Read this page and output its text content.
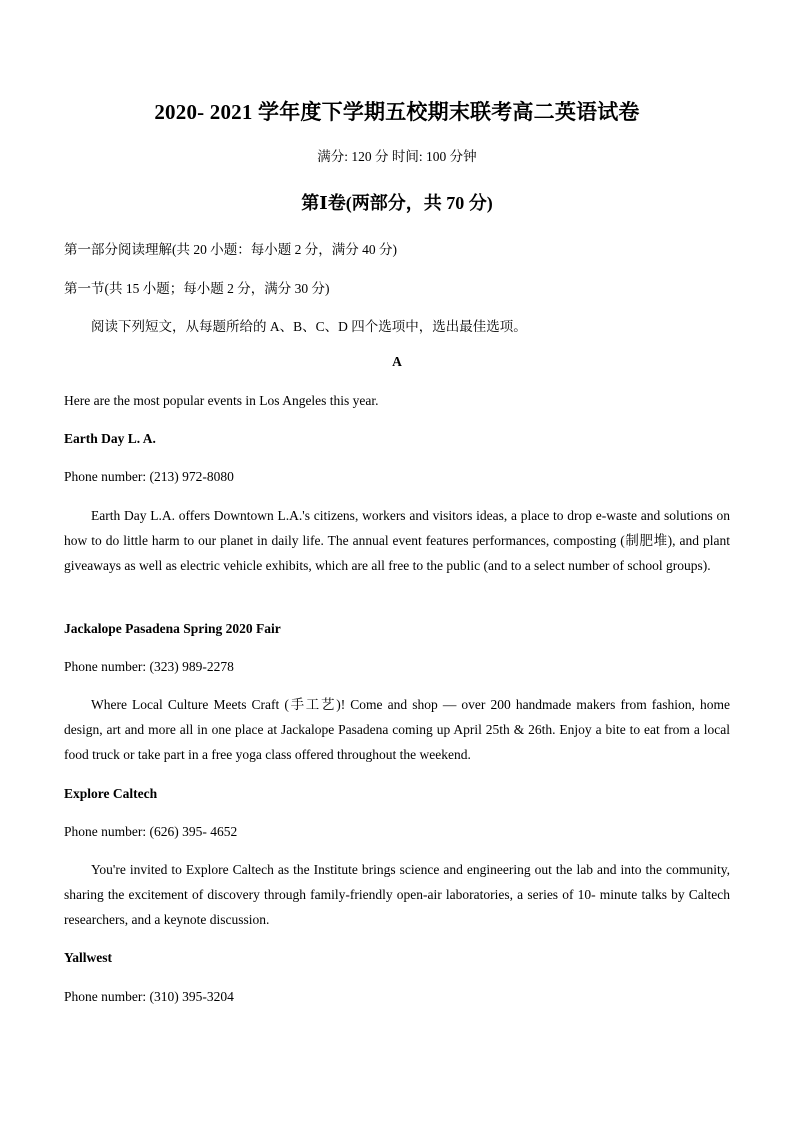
2020- 2021 学年度下学期五校期末联考高二英语试卷
满分: 120 分 时间: 100 分钟
第Ⅰ卷(两部分，共 70 分)
第一部分阅读理解(共 20 小题：每小题 2 分，满分 40 分)
第一节(共 15 小题；每小题 2 分，满分 30 分)
阅读下列短文，从每题所给的 A、B、C、D 四个选项中，选出最佳选项。
A
Here are the most popular events in Los Angeles this year.
Earth Day L. A.
Phone number: (213) 972-8080
Earth Day L.A. offers Downtown L.A.'s citizens, workers and visitors ideas, a place to drop e-waste and solutions on how to do little harm to our planet in daily life. The annual event features performances, composting (制肥堆), and plant giveaways as well as electric vehicle exhibits, which are all free to the public (and to a select number of school groups).
Jackalope Pasadena Spring 2020 Fair
Phone number: (323) 989-2278
Where Local Culture Meets Craft (手工艺)! Come and shop — over 200 handmade makers from fashion, home design, art and more all in one place at Jackalope Pasadena coming up April 25th & 26th. Enjoy a bite to eat from a local food truck or take part in a free yoga class offered throughout the weekend.
Explore Caltech
Phone number: (626) 395- 4652
You're invited to Explore Caltech as the Institute brings science and engineering out the lab and into the community, sharing the excitement of discovery through family-friendly open-air laboratories, a series of 10- minute talks by Caltech researchers, and a keynote discussion.
Yallwest
Phone number: (310) 395-3204
